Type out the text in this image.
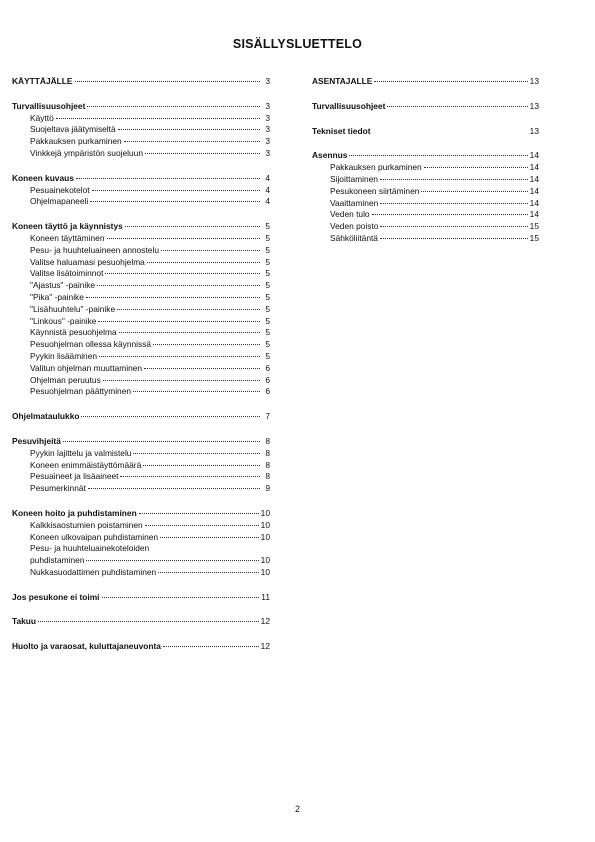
SISÄLLYSLUETTELO
KÄYTTÄJÄLLE	3
Turvallisuusohjeet	3
Käyttö	3
Suojeltava jäätymiseltä	3
Pakkauksen purkaminen	3
Vinkkejä ympäristön suojeluun	3
Koneen kuvaus	4
Pesuainekotelot	4
Ohjelmapaneeli	4
Koneen täyttö ja käynnistys	5
Koneen täyttäminen	5
Pesu- ja huuhteluaineen annostelu	5
Valitse haluamasi pesuohjelma	5
Valitse lisätoiminnot	5
"Ajastus" -painike	5
"Pika" -painike	5
"Lisähuuhtelu" -painike	5
"Linkous" -painike	5
Käynnistä pesuohjelma	5
Pesuohjelman ollessa käynnissä	5
Pyykin lisääminen	5
Valitun ohjelman muuttaminen	6
Ohjelman peruutus	6
Pesuohjelman päättyminen	6
Ohjelmataulukko	7
Pesuvihjeitä	8
Pyykin lajittelu ja valmistelu	8
Koneen enimmäistäyttömäärä	8
Pesuaineet ja lisäaineet	8
Pesumerkinnät	9
Koneen hoito ja puhdistaminen	10
Kalkkisaostumien poistaminen	10
Koneen ulkovaipan puhdistaminen	10
Pesu- ja huuhteluainekoteloiden
puhdistaminen	10
Nukkasuodattimen puhdistaminen	10
Jos pesukone ei toimi	11
Takuu	12
Huolto ja varaosat, kuluttajaneuvonta	12
ASENTAJALLE	13
Turvallisuusohjeet	13
Tekniset tiedot	13
Asennus	14
Pakkauksen purkaminen	14
Sijoittaminen	14
Pesukoneen siirtäminen	14
Vaaittaminen	14
Veden tulo	14
Veden poisto	15
Sähköliitäntä	15
2
